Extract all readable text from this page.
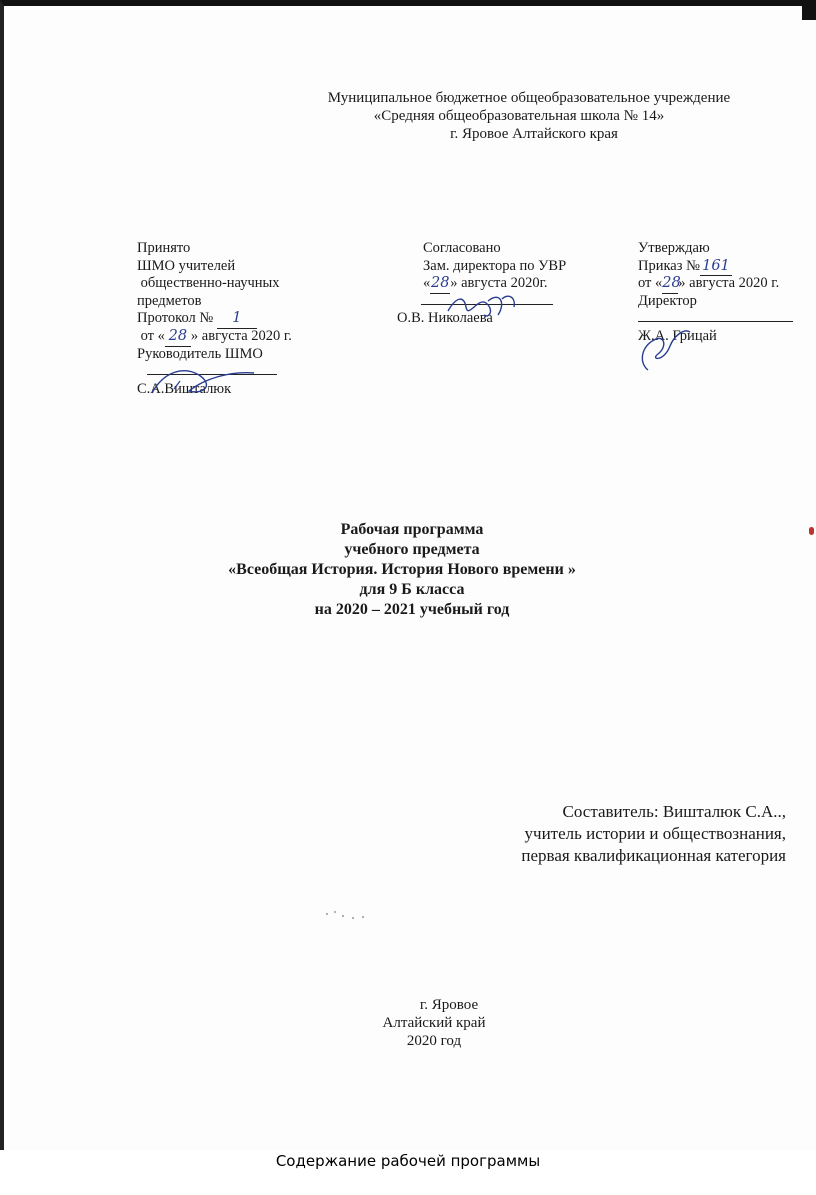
Муниципальное бюджетное общеобразовательное учреждение
«Средняя общеобразовательная школа № 14»
г. Яровое Алтайского края
Принято
ШМО учителей
общественно-научных
предметов
Протокол № 1
от « 28 » августа 2020 г.
Руководитель ШМО
С.А.Вишталюк
Согласовано
Зам. директора по УВР
«28» августа 2020г.
О.В. Николаева
Утверждаю
Приказ № 161
от «28» августа 2020 г.
Директор
Ж.А. Грицай
Рабочая программа
учебного предмета
«Всеобщая История. История Нового времени »
для 9 Б класса
на 2020 – 2021 учебный год
Составитель: Вишталюк С.А..,
учитель истории и обществознания,
первая квалификационная категория
г. Яровое
Алтайский край
2020 год
Содержание рабочей программы
